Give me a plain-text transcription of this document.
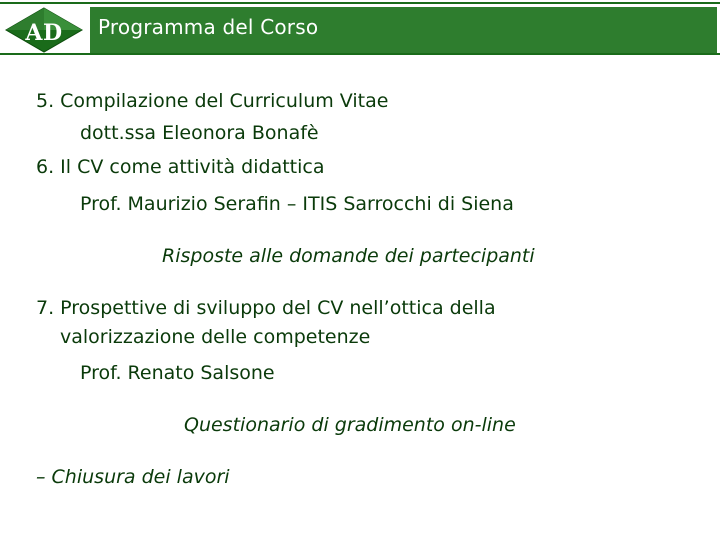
AD	Programma del Corso
5. Compilazione del Curriculum Vitae
dott.ssa Eleonora Bonafè
6. Il CV come attività didattica
Prof. Maurizio Serafin – ITIS Sarrocchi di Siena
Risposte alle domande dei partecipanti
7. Prospettive di sviluppo del CV nell’ottica della
valorizzazione delle competenze
Prof. Renato Salsone
Questionario di gradimento on-line
– Chiusura dei lavori
